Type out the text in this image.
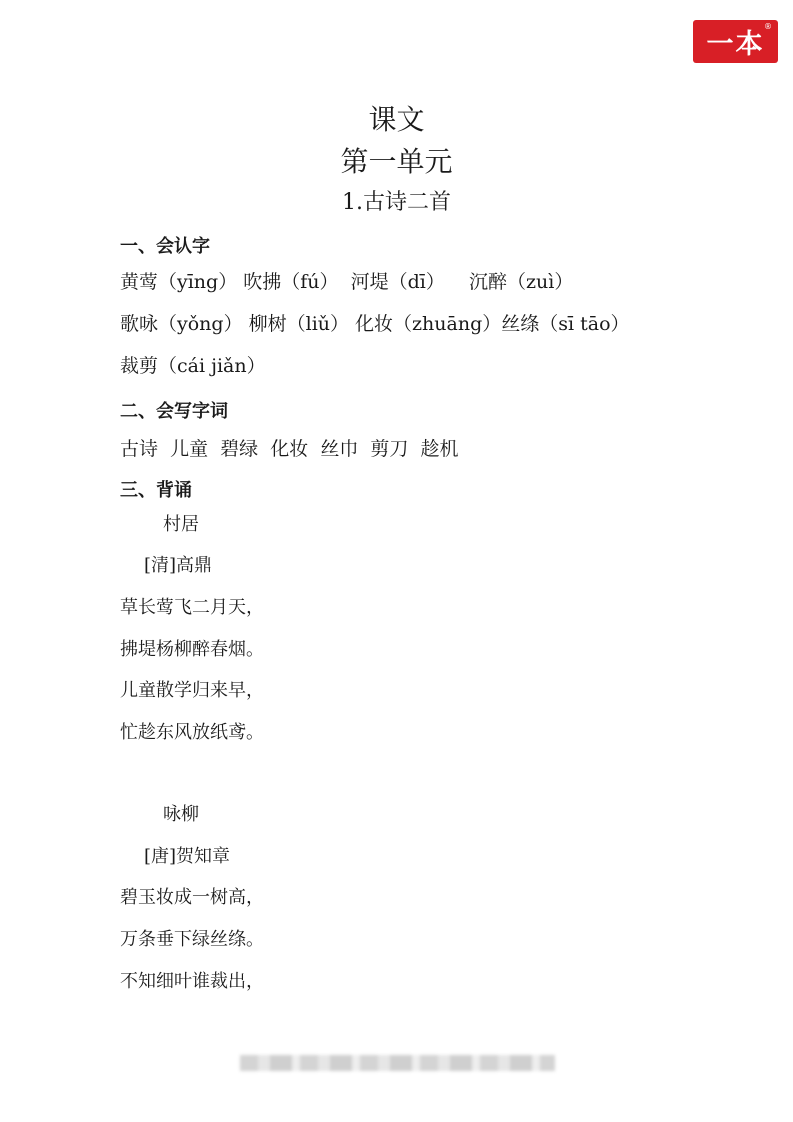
一本
®
课文
第一单元
1.古诗二首
一、会认字
黄莺（yīng） 吹拂（fú）  河堤（dī）    沉醉（zuì）
歌咏（yǒng） 柳树（liǔ） 化妆（zhuāng）丝绦（sī tāo）
裁剪（cái jiǎn）
二、会写字词
古诗  儿童  碧绿  化妆  丝巾  剪刀  趁机
三、背诵
村居
[清]高鼎
草长莺飞二月天，
拂堤杨柳醉春烟。
儿童散学归来早，
忙趁东风放纸鸢。
咏柳
[唐]贺知章
碧玉妆成一树高，
万条垂下绿丝绦。
不知细叶谁裁出，
